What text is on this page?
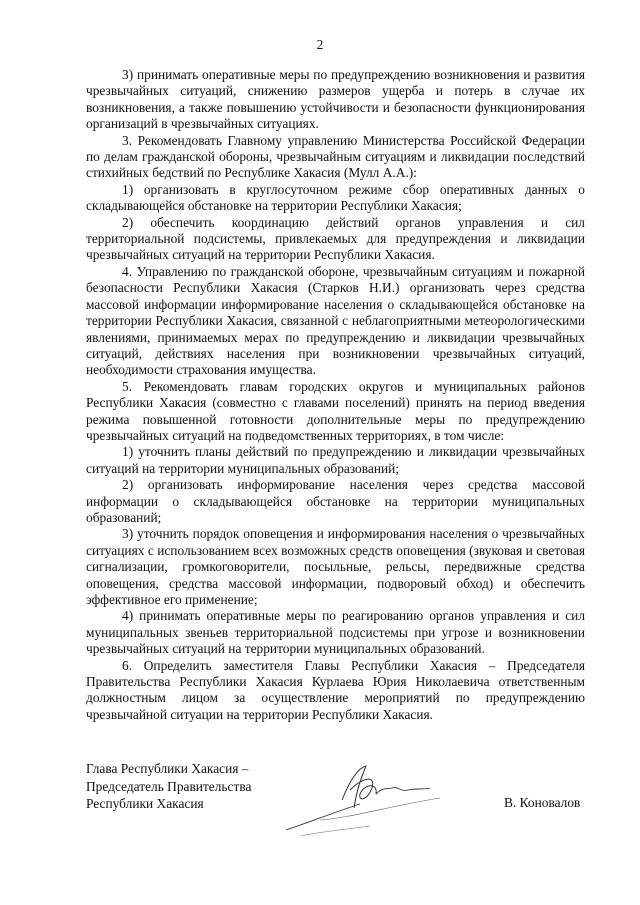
2

3) принимать оперативные меры по предупреждению возникновения и развития чрезвычайных ситуаций, снижению размеров ущерба и потерь в случае их возникновения, а также повышению устойчивости и безопасности функционирования организаций в чрезвычайных ситуациях.

3. Рекомендовать Главному управлению Министерства Российской Федерации по делам гражданской обороны, чрезвычайным ситуациям и ликвидации последствий стихийных бедствий по Республике Хакасия (Мулл А.А.):

1) организовать в круглосуточном режиме сбор оперативных данных о складывающейся обстановке на территории Республики Хакасия;

2) обеспечить координацию действий органов управления и сил территориальной подсистемы, привлекаемых для предупреждения и ликвидации чрезвычайных ситуаций на территории Республики Хакасия.

4. Управлению по гражданской обороне, чрезвычайным ситуациям и пожарной безопасности Республики Хакасия (Старков Н.И.) организовать через средства массовой информации информирование населения о складывающейся обстановке на территории Республики Хакасия, связанной с неблагоприятными метеорологическими явлениями, принимаемых мерах по предупреждению и ликвидации чрезвычайных ситуаций, действиях населения при возникновении чрезвычайных ситуаций, необходимости страхования имущества.

5. Рекомендовать главам городских округов и муниципальных районов Республики Хакасия (совместно с главами поселений) принять на период введения режима повышенной готовности дополнительные меры по предупреждению чрезвычайных ситуаций на подведомственных территориях, в том числе:

1) уточнить планы действий по предупреждению и ликвидации чрезвычайных ситуаций на территории муниципальных образований;

2) организовать информирование населения через средства массовой информации о складывающейся обстановке на территории муниципальных образований;

3) уточнить порядок оповещения и информирования населения о чрезвычайных ситуациях с использованием всех возможных средств оповещения (звуковая и световая сигнализации, громкоговорители, посыльные, рельсы, передвижные средства оповещения, средства массовой информации, подворовый обход) и обеспечить эффективное его применение;

4) принимать оперативные меры по реагированию органов управления и сил муниципальных звеньев территориальной подсистемы при угрозе и возникновении чрезвычайных ситуаций на территории муниципальных образований.

6. Определить заместителя Главы Республики Хакасия – Председателя Правительства Республики Хакасия Курлаева Юрия Николаевича ответственным должностным лицом за осуществление мероприятий по предупреждению чрезвычайной ситуации на территории Республики Хакасия.

Глава Республики Хакасия –
Председатель Правительства
Республики Хакасия	В. Коновалов
